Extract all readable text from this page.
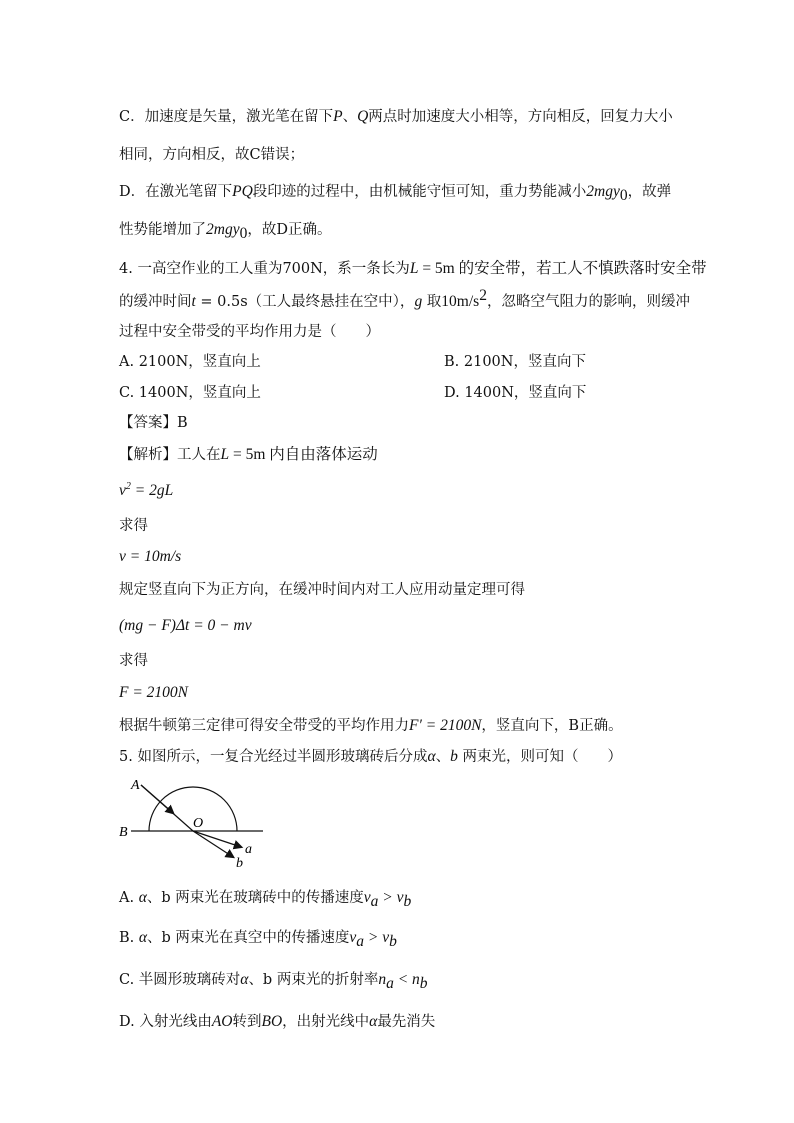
C．加速度是矢量，激光笔在留下P、Q两点时加速度大小相等，方向相反，回复力大小
相同，方向相反，故C错误；
D．在激光笔留下PQ段印迹的过程中，由机械能守恒可知，重力势能减小2mgy$_0$，故弹
性势能增加了2mgy$_0$，故D正确。
4. 一高空作业的工人重为700N，系一条长为L = 5m 的安全带，若工人不慎跌落时安全带
的缓冲时间t = 0.5s（工人最终悬挂在空中），g 取$10m/s^2$，忽略空气阻力的影响，则缓冲
过程中安全带受的平均作用力是（　　）
A. 2100N，竖直向上	B. 2100N，竖直向下
C. 1400N，竖直向上	D. 1400N，竖直向下
【答案】B
【解析】工人在L = 5m 内自由落体运动
$v^2 = 2gL$
求得
v = 10m/s
规定竖直向下为正方向，在缓冲时间内对工人应用动量定理可得
(mg − F)Δt = 0 − mv
求得
F = 2100N
根据牛顿第三定律可得安全带受的平均作用力F′ = 2100N，竖直向下，B正确。
5. 如图所示，一复合光经过半圆形玻璃砖后分成α、b 两束光，则可知（　　）
A
B
O
a
b
A. α、b 两束光在玻璃砖中的传播速度$v_a > v_b$
B. α、b 两束光在真空中的传播速度$v_a > v_b$
C. 半圆形玻璃砖对α、b 两束光的折射率$n_a < n_b$
D. 入射光线由AO转到BO，出射光线中α最先消失
